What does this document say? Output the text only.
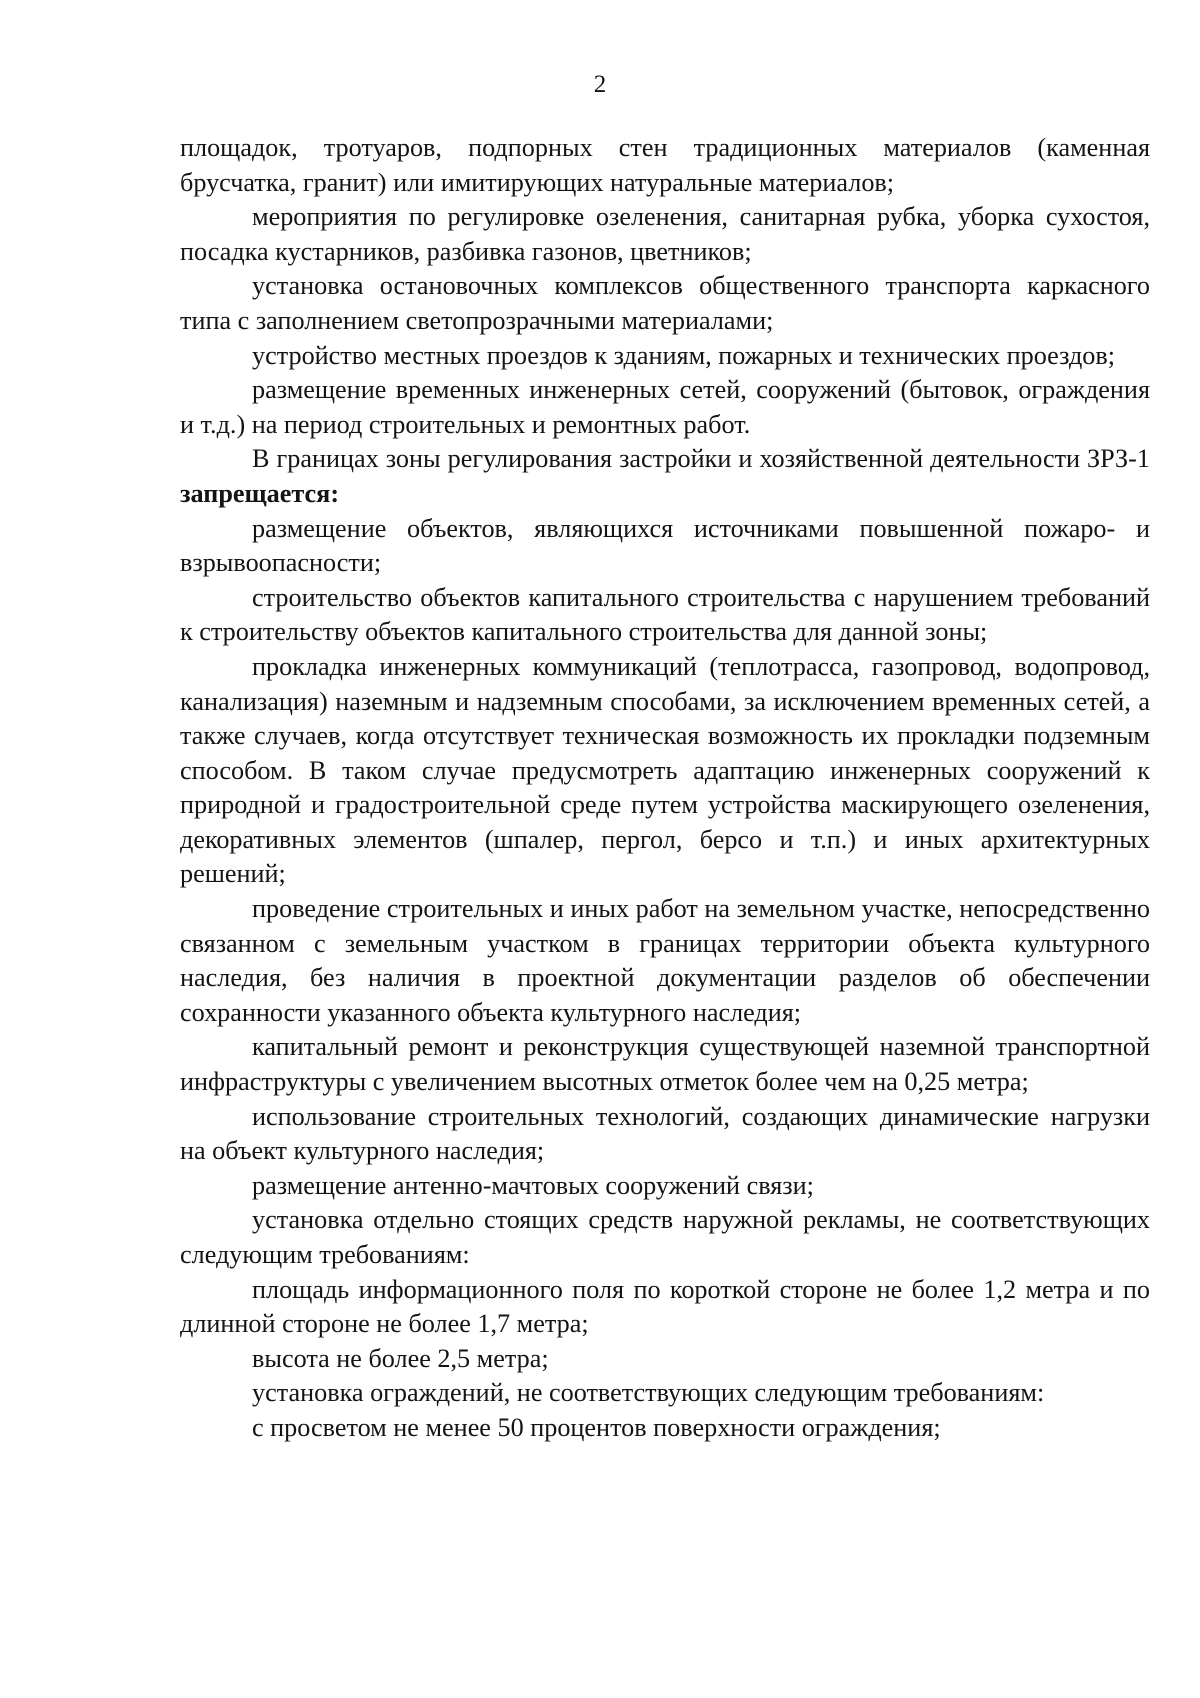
2

площадок, тротуаров, подпорных стен традиционных материалов (каменная брусчатка, гранит) или имитирующих натуральные материалов;

мероприятия по регулировке озеленения, санитарная рубка, уборка сухостоя, посадка кустарников, разбивка газонов, цветников;

установка остановочных комплексов общественного транспорта каркасного типа с заполнением светопрозрачными материалами;

устройство местных проездов к зданиям, пожарных и технических проездов;

размещение временных инженерных сетей, сооружений (бытовок, ограждения и т.д.) на период строительных и ремонтных работ.

В границах зоны регулирования застройки и хозяйственной деятельности ЗРЗ-1 запрещается:

размещение объектов, являющихся источниками повышенной пожаро- и взрывоопасности;

строительство объектов капитального строительства с нарушением требований к строительству объектов капитального строительства для данной зоны;

прокладка инженерных коммуникаций (теплотрасса, газопровод, водопровод, канализация) наземным и надземным способами, за исключением временных сетей, а также случаев, когда отсутствует техническая возможность их прокладки подземным способом. В таком случае предусмотреть адаптацию инженерных сооружений к природной и градостроительной среде путем устройства маскирующего озеленения, декоративных элементов (шпалер, пергол, берсо и т.п.) и иных архитектурных решений;

проведение строительных и иных работ на земельном участке, непосредственно связанном с земельным участком в границах территории объекта культурного наследия, без наличия в проектной документации разделов об обеспечении сохранности указанного объекта культурного наследия;

капитальный ремонт и реконструкция существующей наземной транспортной инфраструктуры с увеличением высотных отметок более чем на 0,25 метра;

использование строительных технологий, создающих динамические нагрузки на объект культурного наследия;

размещение антенно-мачтовых сооружений связи;

установка отдельно стоящих средств наружной рекламы, не соответствующих следующим требованиям:

площадь информационного поля по короткой стороне не более 1,2 метра и по длинной стороне не более 1,7 метра;

высота не более 2,5 метра;

установка ограждений, не соответствующих следующим требованиям:

с просветом не менее 50 процентов поверхности ограждения;
